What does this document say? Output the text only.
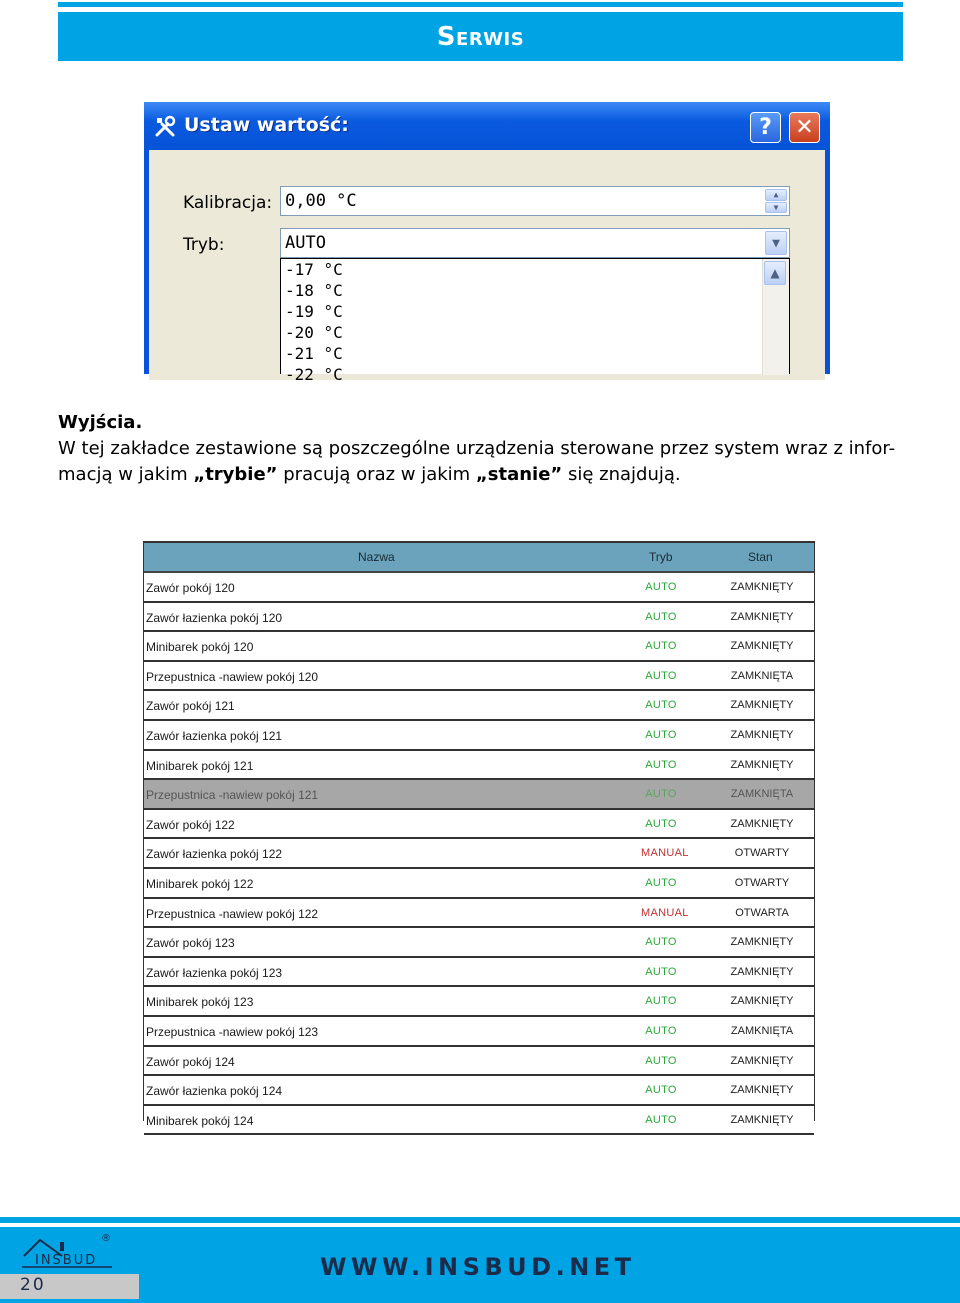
Serwis
Ustaw wartość:	?	✕
Kalibracja: 0,00 °C	▲
▼
Tryb:	AUTO	▼
-17 °C
-18 °C
-19 °C
-20 °C
-21 °C
-22 °C
▲
Wyjścia.
W tej zakładce zestawione są poszczególne urządzenia sterowane przez system wraz z infor-macją w jakim „trybie” pracują oraz w jakim „stanie” się znajdują.
Nazwa	Tryb	Stan
Zawór pokój 120	AUTO	ZAMKNIĘTY
Zawór łazienka pokój 120	AUTO	ZAMKNIĘTY
Minibarek pokój 120	AUTO	ZAMKNIĘTY
Przepustnica -nawiew pokój 120	AUTO	ZAMKNIĘTA
Zawór pokój 121	AUTO	ZAMKNIĘTY
Zawór łazienka pokój 121	AUTO	ZAMKNIĘTY
Minibarek pokój 121	AUTO	ZAMKNIĘTY
Przepustnica -nawiew pokój 121	AUTO	ZAMKNIĘTA
Zawór pokój 122	AUTO	ZAMKNIĘTY
Zawór łazienka pokój 122	MANUAL	OTWARTY
Minibarek pokój 122	AUTO	OTWARTY
Przepustnica -nawiew pokój 122	MANUAL	OTWARTA
Zawór pokój 123	AUTO	ZAMKNIĘTY
Zawór łazienka pokój 123	AUTO	ZAMKNIĘTY
Minibarek pokój 123	AUTO	ZAMKNIĘTY
Przepustnica -nawiew pokój 123	AUTO	ZAMKNIĘTA
Zawór pokój 124	AUTO	ZAMKNIĘTY
Zawór łazienka pokój 124	AUTO	ZAMKNIĘTY
Minibarek pokój 124	AUTO	ZAMKNIĘTY
INSBUD
®
20
WWW.INSBUD.NET
